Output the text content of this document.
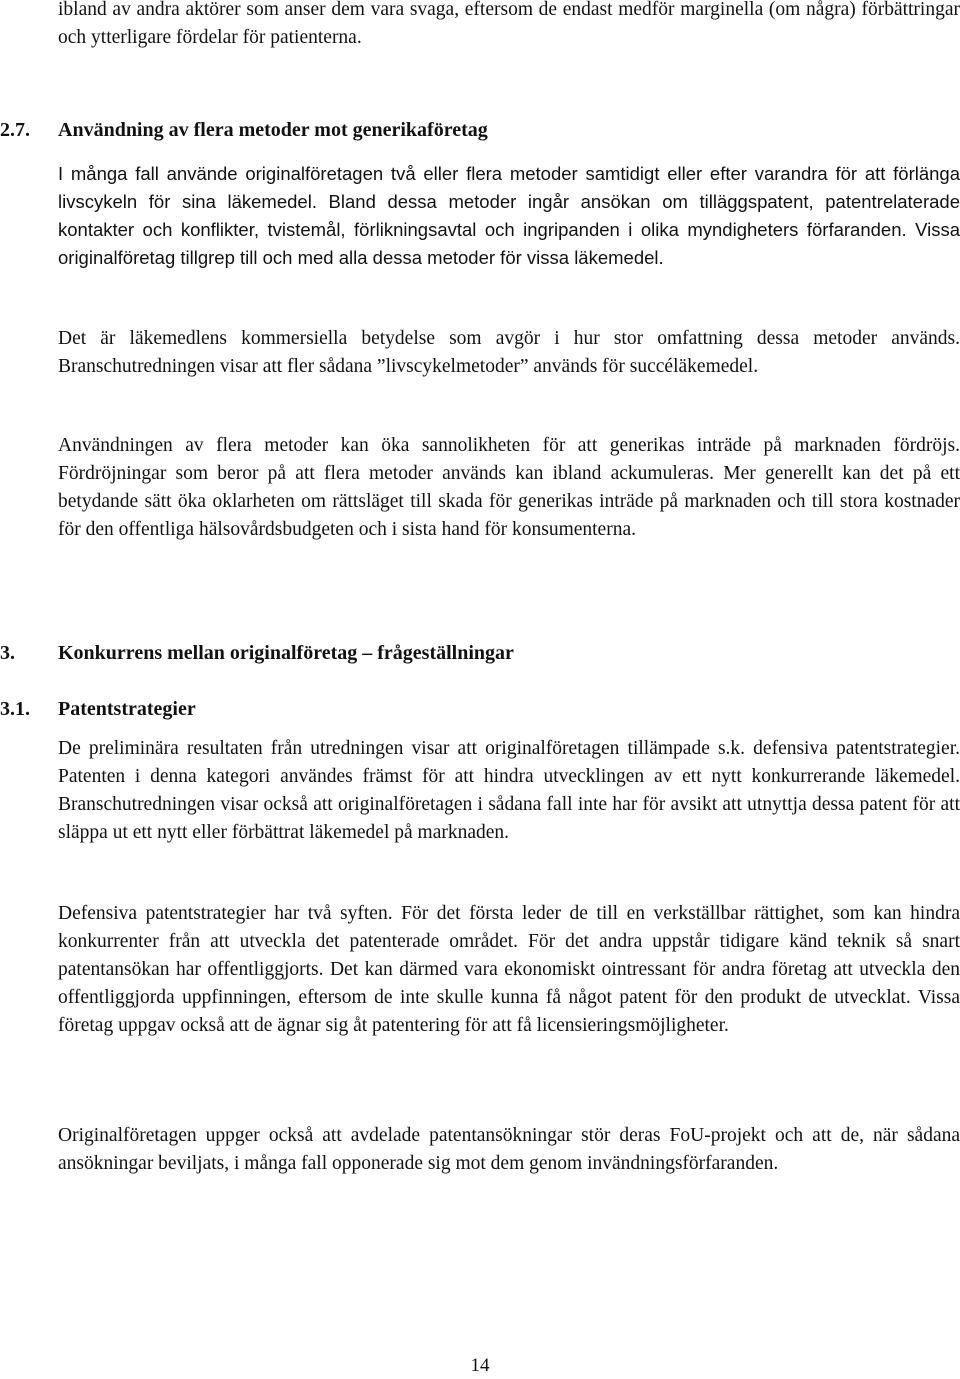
ibland av andra aktörer som anser dem vara svaga, eftersom de endast medför marginella (om några) förbättringar och ytterligare fördelar för patienterna.

2.7. Användning av flera metoder mot generikaföretag

I många fall använde originalföretagen två eller flera metoder samtidigt eller efter varandra för att förlänga livscykeln för sina läkemedel. Bland dessa metoder ingår ansökan om tilläggspatent, patentrelaterade kontakter och konflikter, tvistemål, förlikningsavtal och ingripanden i olika myndigheters förfaranden. Vissa originalföretag tillgrep till och med alla dessa metoder för vissa läkemedel.

Det är läkemedlens kommersiella betydelse som avgör i hur stor omfattning dessa metoder används. Branschutredningen visar att fler sådana ”livscykelmetoder” används för succéläkemedel.

Användningen av flera metoder kan öka sannolikheten för att generikas inträde på marknaden fördröjs. Fördröjningar som beror på att flera metoder används kan ibland ackumuleras. Mer generellt kan det på ett betydande sätt öka oklarheten om rättsläget till skada för generikas inträde på marknaden och till stora kostnader för den offentliga hälsovårdsbudgeten och i sista hand för konsumenterna.

3. Konkurrens mellan originalföretag – frågeställningar
3.1. Patentstrategier

De preliminära resultaten från utredningen visar att originalföretagen tillämpade s.k. defensiva patentstrategier. Patenten i denna kategori användes främst för att hindra utvecklingen av ett nytt konkurrerande läkemedel. Branschutredningen visar också att originalföretagen i sådana fall inte har för avsikt att utnyttja dessa patent för att släppa ut ett nytt eller förbättrat läkemedel på marknaden.

Defensiva patentstrategier har två syften. För det första leder de till en verkställbar rättighet, som kan hindra konkurrenter från att utveckla det patenterade området. För det andra uppstår tidigare känd teknik så snart patentansökan har offentliggjorts. Det kan därmed vara ekonomiskt ointressant för andra företag att utveckla den offentliggjorda uppfinningen, eftersom de inte skulle kunna få något patent för den produkt de utvecklat. Vissa företag uppgav också att de ägnar sig åt patentering för att få licensieringsmöjligheter.

Originalföretagen uppger också att avdelade patentansökningar stör deras FoU-projekt och att de, när sådana ansökningar beviljats, i många fall opponerade sig mot dem genom invändningsförfaranden.

14
